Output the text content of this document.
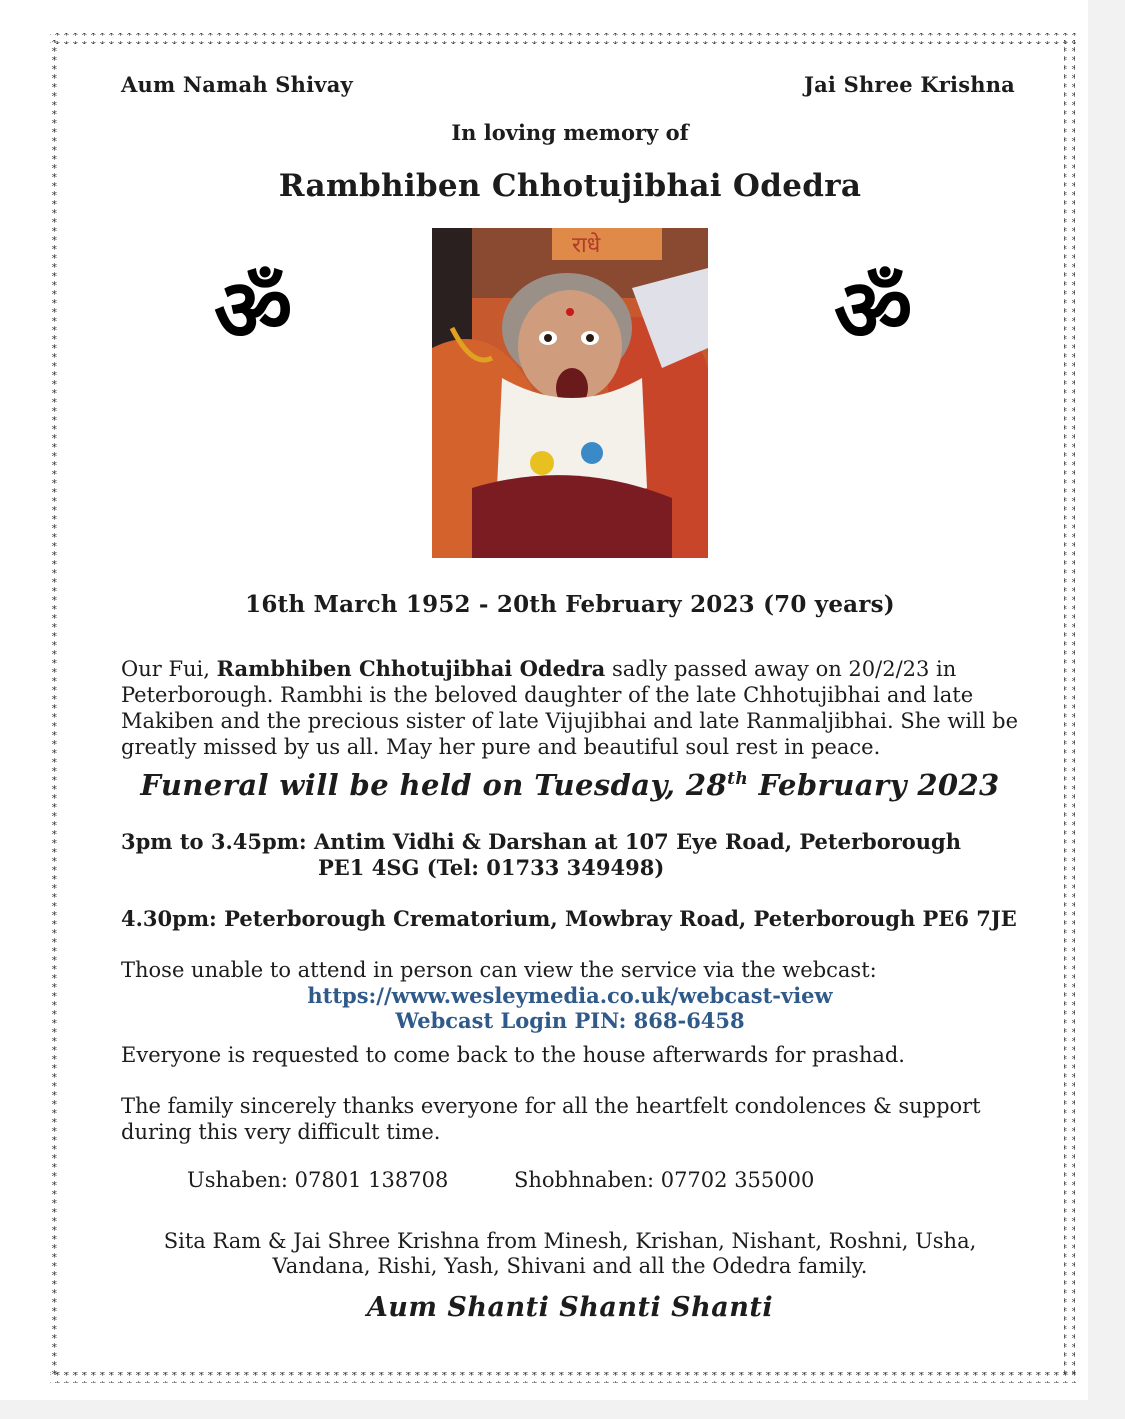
Aum Namah Shivay	Jai Shree Krishna
In loving memory of
Rambhiben Chhotujibhai Odedra
ॐ	ॐ
राधे
16th March 1952 - 20th February 2023 (70 years)
Our Fui, Rambhiben Chhotujibhai Odedra sadly passed away on 20/2/23 in
Peterborough. Rambhi is the beloved daughter of the late Chhotujibhai and late
Makiben and the precious sister of late Vijujibhai and late Ranmaljibhai. She will be
greatly missed by us all. May her pure and beautiful soul rest in peace.
Funeral will be held on Tuesday, 28th February 2023
3pm to 3.45pm: Antim Vidhi & Darshan at 107 Eye Road, Peterborough
PE1 4SG (Tel: 01733 349498)
4.30pm: Peterborough Crematorium, Mowbray Road, Peterborough PE6 7JE
Those unable to attend in person can view the service via the webcast:
https://www.wesleymedia.co.uk/webcast-view
Webcast Login PIN: 868-6458
Everyone is requested to come back to the house afterwards for prashad.
The family sincerely thanks everyone for all the heartfelt condolences & support
during this very difficult time.
Ushaben: 07801 138708	Shobhnaben: 07702 355000
Sita Ram & Jai Shree Krishna from Minesh, Krishan, Nishant, Roshni, Usha,
Vandana, Rishi, Yash, Shivani and all the Odedra family.
Aum Shanti Shanti Shanti
